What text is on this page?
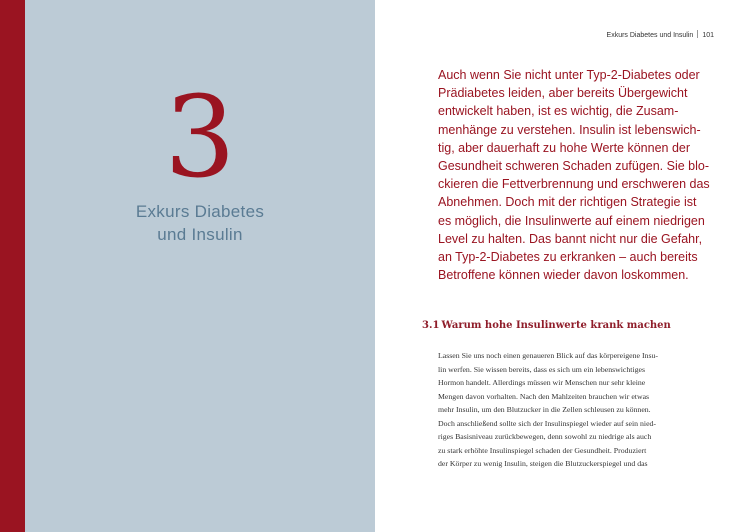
3
Exkurs Diabetes
und Insulin
Exkurs Diabetes und Insulin 101
Auch wenn Sie nicht unter Typ-2-Diabetes oder
Prädiabetes leiden, aber bereits Übergewicht
entwickelt haben, ist es wichtig, die Zusam-
menhänge zu verstehen. Insulin ist lebenswich-
tig, aber dauerhaft zu hohe Werte können der
Gesundheit schweren Schaden zufügen. Sie blo-
ckieren die Fettverbrennung und erschweren das
Abnehmen. Doch mit der richtigen Strategie ist
es möglich, die Insulinwerte auf einem niedrigen
Level zu halten. Das bannt nicht nur die Gefahr,
an Typ-2-Diabetes zu erkranken – auch bereits
Betroffene können wieder davon loskommen.
3.1 Warum hohe Insulinwerte krank machen
Lassen Sie uns noch einen genaueren Blick auf das körpereigene Insu-
lin werfen. Sie wissen bereits, dass es sich um ein lebenswichtiges
Hormon handelt. Allerdings müssen wir Menschen nur sehr kleine
Mengen davon vorhalten. Nach den Mahlzeiten brauchen wir etwas
mehr Insulin, um den Blutzucker in die Zellen schleusen zu können.
Doch anschließend sollte sich der Insulinspiegel wieder auf sein nied-
riges Basisniveau zurückbewegen, denn sowohl zu niedrige als auch
zu stark erhöhte Insulinspiegel schaden der Gesundheit. Produziert
der Körper zu wenig Insulin, steigen die Blutzuckerspiegel und das
